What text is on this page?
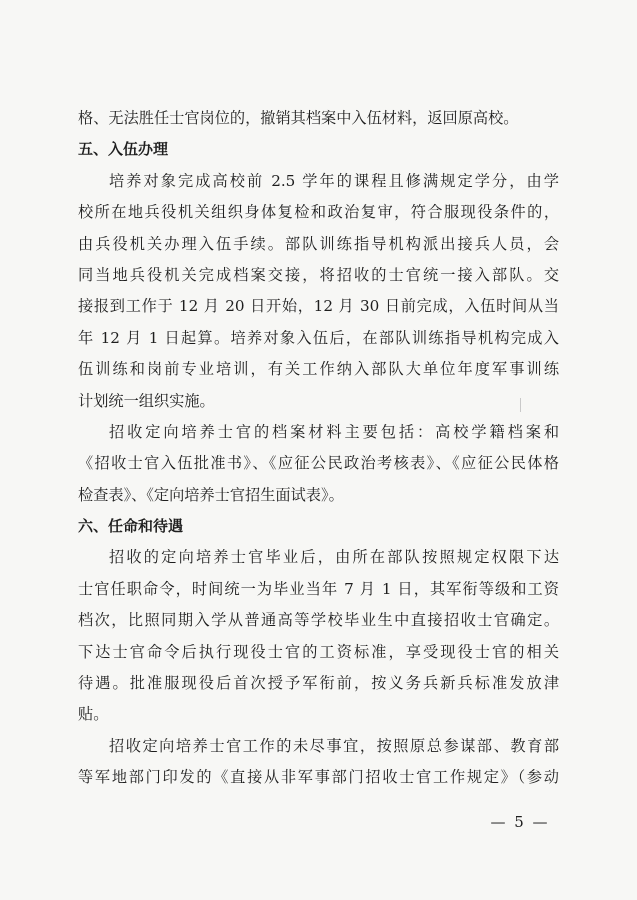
格、无法胜任士官岗位的，撤销其档案中入伍材料，返回原高校。
五、入伍办理
培养对象完成高校前 2.5 学年的课程且修满规定学分，由学
校所在地兵役机关组织身体复检和政治复审，符合服现役条件的，
由兵役机关办理入伍手续。部队训练指导机构派出接兵人员，会
同当地兵役机关完成档案交接，将招收的士官统一接入部队。交
接报到工作于 12 月 20 日开始，12 月 30 日前完成，入伍时间从当
年 12 月 1 日起算。培养对象入伍后，在部队训练指导机构完成入
伍训练和岗前专业培训，有关工作纳入部队大单位年度军事训练
计划统一组织实施。
招收定向培养士官的档案材料主要包括：高校学籍档案和
《招收士官入伍批准书》、《应征公民政治考核表》、《应征公民体格
检查表》、《定向培养士官招生面试表》。
六、任命和待遇
招收的定向培养士官毕业后，由所在部队按照规定权限下达
士官任职命令，时间统一为毕业当年 7 月 1 日，其军衔等级和工资
档次，比照同期入学从普通高等学校毕业生中直接招收士官确定。
下达士官命令后执行现役士官的工资标准，享受现役士官的相关
待遇。批准服现役后首次授予军衔前，按义务兵新兵标准发放津
贴。
招收定向培养士官工作的未尽事宜，按照原总参谋部、教育部
等军地部门印发的《直接从非军事部门招收士官工作规定》（参动
— 5 —
